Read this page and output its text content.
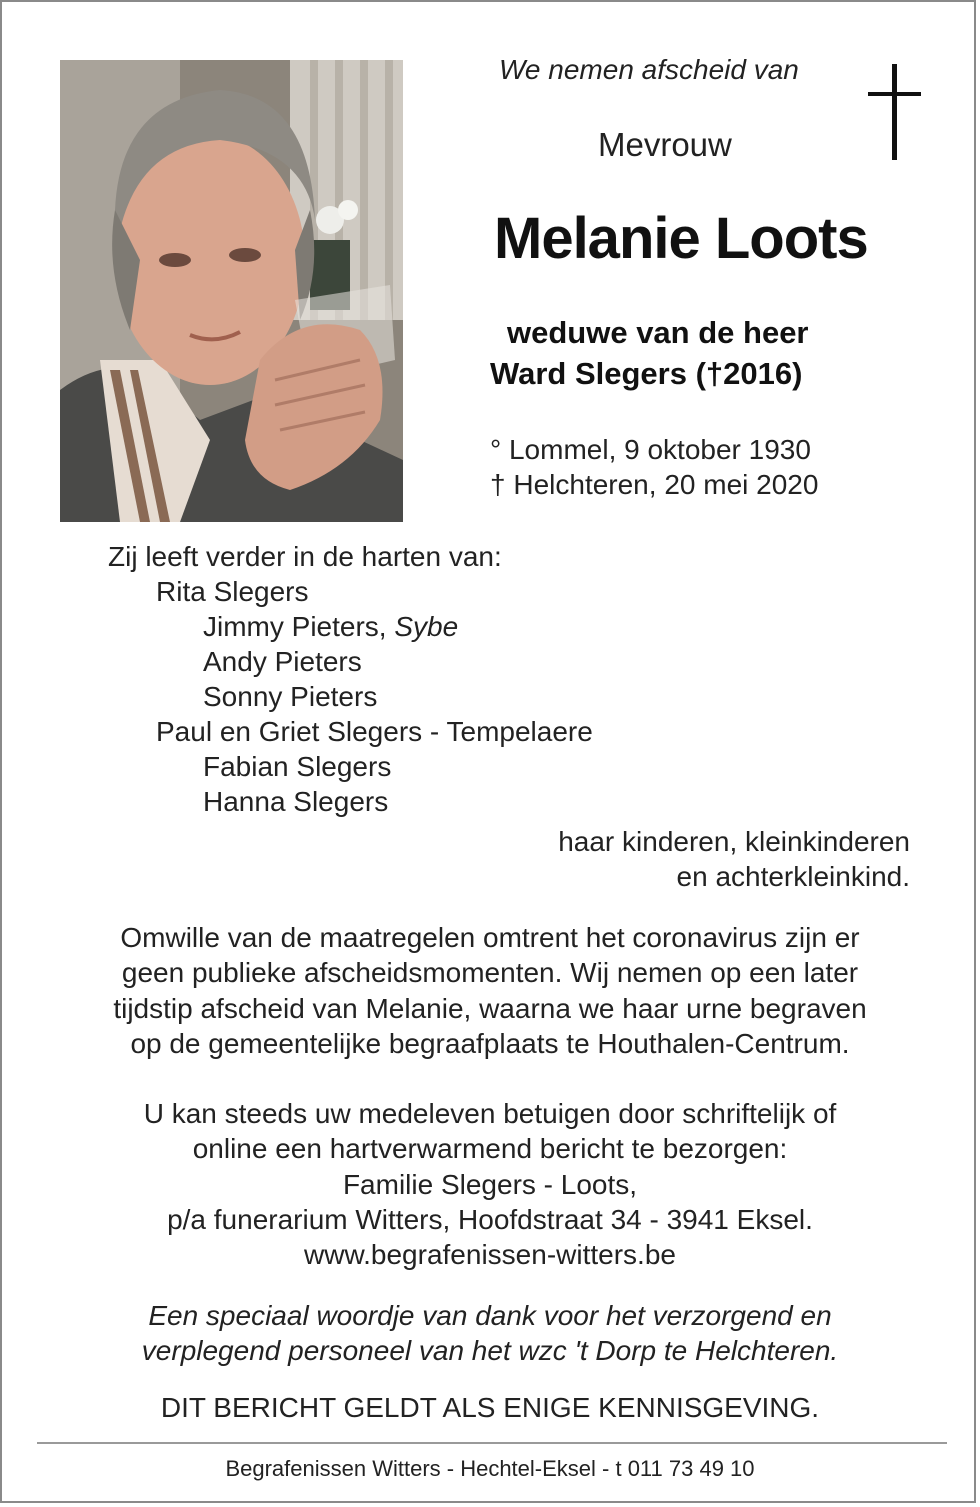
We nemen afscheid van

Mevrouw

Melanie Loots

weduwe van de heer

Ward Slegers (†2016)

° Lommel, 9 oktober 1930

† Helchteren, 20 mei 2020

Zij leeft verder in de harten van:
Rita Slegers
Jimmy Pieters, Sybe
Andy Pieters
Sonny Pieters
Paul en Griet Slegers - Tempelaere
Fabian Slegers
Hanna Slegers
haar kinderen, kleinkinderen
en achterkleinkind.
Omwille van de maatregelen omtrent het coronavirus zijn er
geen publieke afscheidsmomenten. Wij nemen op een later
tijdstip afscheid van Melanie, waarna we haar urne begraven
op de gemeentelijke begraafplaats te Houthalen-Centrum.
U kan steeds uw medeleven betuigen door schriftelijk of
online een hartverwarmend bericht te bezorgen:
Familie Slegers - Loots,
p/a funerarium Witters, Hoofdstraat 34 - 3941 Eksel.
www.begrafenissen-witters.be
Een speciaal woordje van dank voor het verzorgend en
verplegend personeel van het wzc 't Dorp te Helchteren.
DIT BERICHT GELDT ALS ENIGE KENNISGEVING.
Begrafenissen Witters - Hechtel-Eksel - t 011 73 49 10
